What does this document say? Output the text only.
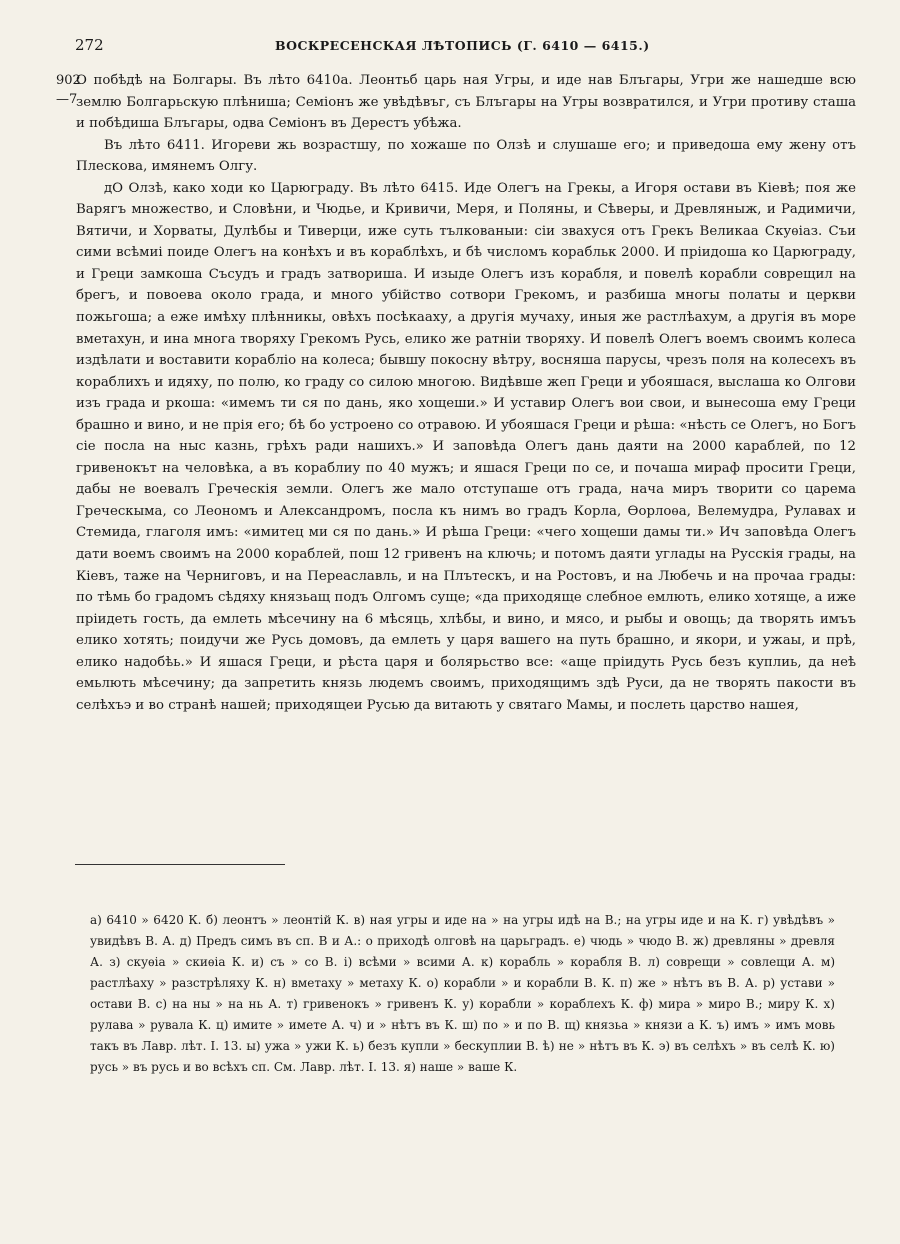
272	ВОСКРЕСЕНСКАЯ ЛѢТОПИСЬ (Г. 6410 — 6415.)
902
—7

О побѣдѣ на Болгары. Въ лѣто 6410а. Леонтьб царь ная Угры, и иде нав Блъгары, Угри же нашедше всю землю Болгарьскую плѣниша; Семіонъ же увѣдѣвъг, съ Блъгары на Угры возвратился, и Угри противу сташа и побѣдиша Блъгары, одва Семіонъ въ Дерестъ убѣжа.

Въ лѣто 6411. Игореви жь возрастшу, по хожаше по Олзѣ и слушаше его; и приведоша ему жену отъ Плескова, имянемъ Олгу.

дО Олзѣ, како ходи ко Царюграду. Въ лѣто 6415. Иде Олегъ на Грекы, а Игоря остави въ Кіевѣ; поя же Варягъ множество, и Словѣни, и Чюдье, и Кривичи, Меря, и Поляны, и Сѣверы, и Древляныж, и Радимичи, Вятичи, и Хорваты, Дулѣбы и Тиверци, иже суть тълкованыи: сіи звахуся отъ Грекъ Великаа Скуѳіаз. Съи сими всѣмиі поиде Олегъ на конѣхъ и въ кораблѣхъ, и бѣ числомъ корабльк 2000. И пріидоша ко Царюграду, и Греци замкоша Съсудъ и градъ затвориша. И изыде Олегъ изъ корабля, и повелѣ корабли соврещил на брегъ, и повоева около града, и много убійство сотвори Грекомъ, и разбиша многы полаты и церкви пожьгоша; а еже имѣху плѣнникы, овѣхъ посѣкааху, а другія мучаху, иныя же растлѣахум, а другія въ море вметахун, и ина многа творяху Грекомъ Русь, елико же ратніи творяху. И повелѣ Олегъ воемъ своимъ колеса издѣлати и воставити корабліо на колеса; бывшу покосну вѣтру, восняша парусы, чрезъ поля на колесехъ въ кораблихъ и идяху, по полю, ко граду со силою многою. Видѣвше жеп Греци и убояшася, выслаша ко Олгови изъ града и ркоша: «имемъ ти ся по дань, яко хощеши.» И уставир Олегъ вои свои, и вынесоша ему Греци брашно и вино, и не прія его; бѣ бо устроено со отравою. И убояшася Греци и рѣша: «нѣсть се Олегъ, но Богъ сіе посла на ныс казнь, грѣхъ ради нашихъ.» И заповѣда Олегъ дань даяти на 2000 караблей, по 12 гривенокът на человѣка, а въ кораблиу по 40 мужъ; и яшася Греци по се, и почаша мираф просити Греци, дабы не воевалъ Греческія земли. Олегъ же мало отступаше отъ града, нача миръ творити со царема Греческыма, со Леономъ и Александромъ, посла къ нимъ во градъ Корла, Ѳорлоѳа, Велемудра, Рулавах и Стемида, глаголя имъ: «имитец ми ся по дань.» И рѣша Греци: «чего хощеши дамы ти.» Ич заповѣда Олегъ дати воемъ своимъ на 2000 кораблей, пош 12 гривенъ на ключь; и потомъ даяти углады на Русскія грады, на Кіевъ, таже на Черниговъ, и на Переаславль, и на Плътескъ, и на Ростовъ, и на Любечь и на прочаа грады: по тѣмь бо градомъ сѣдяху князьащ подъ Олгомъ суще; «да приходяще слебное емлють, елико хотяще, а иже пріидеть гость, да емлеть мѣсечину на 6 мѣсяць, хлѣбы, и вино, и мясо, и рыбы и овощь; да творять имъъ елико хотять; поидучи же Русь домовъ, да емлеть у царя вашего на путь брашно, и якори, и ужаы, и прѣ, елико надобѣь.» И яшася Греци, и рѣста царя и болярьство все: «аще пріидуть Русь безъ куплиь, да неѣ емьлють мѣсечину; да запретить князь людемъ своимъ, приходящимъ здѣ Руси, да не творять пакости въ селѣхъэ и во странѣ нашей; приходящеи Русью да витають у святаго Мамы, и послеть царство нашея,

а) 6410 » 6420 К. б) леонтъ » леонтій К. в) ная угры и иде на » на угры идѣ на В.; на угры иде и на К. г) увѣдѣвъ » увидѣвъ В. А. д) Предъ симъ въ сп. В и А.: о приходѣ олговѣ на царьградъ. е) чюдь » чюдо В. ж) древляны » древля А. з) скуѳіа » скиѳіа К. и) съ » со В. і) всѣми » всими А. к) корабль » корабля В. л) соврещи » совлещи А. м) растлѣаху » разстрѣляху К. н) вметаху » метаху К. о) корабли » и корабли В. К. п) же » нѣтъ въ В. А. р) устави » остави В. с) на ны » на нь А. т) гривенокъ » гривенъ К. у) корабли » кораблехъ К. ф) мира » миро В.; миру К. х) рулава » рувала К. ц) имите » имете А. ч) и » нѣтъ въ К. ш) по » и по В. щ) князьа » князи а К. ъ) имъ » имъ мовь такъ въ Лавр. лѣт. I. 13. ы) ужа » ужи К. ь) безъ купли » бескуплии В. ѣ) не » нѣтъ въ К. э) въ селѣхъ » въ селѣ К. ю) русь » въ русь и во всѣхъ сп. См. Лавр. лѣт. I. 13. я) наше » ваше К.
